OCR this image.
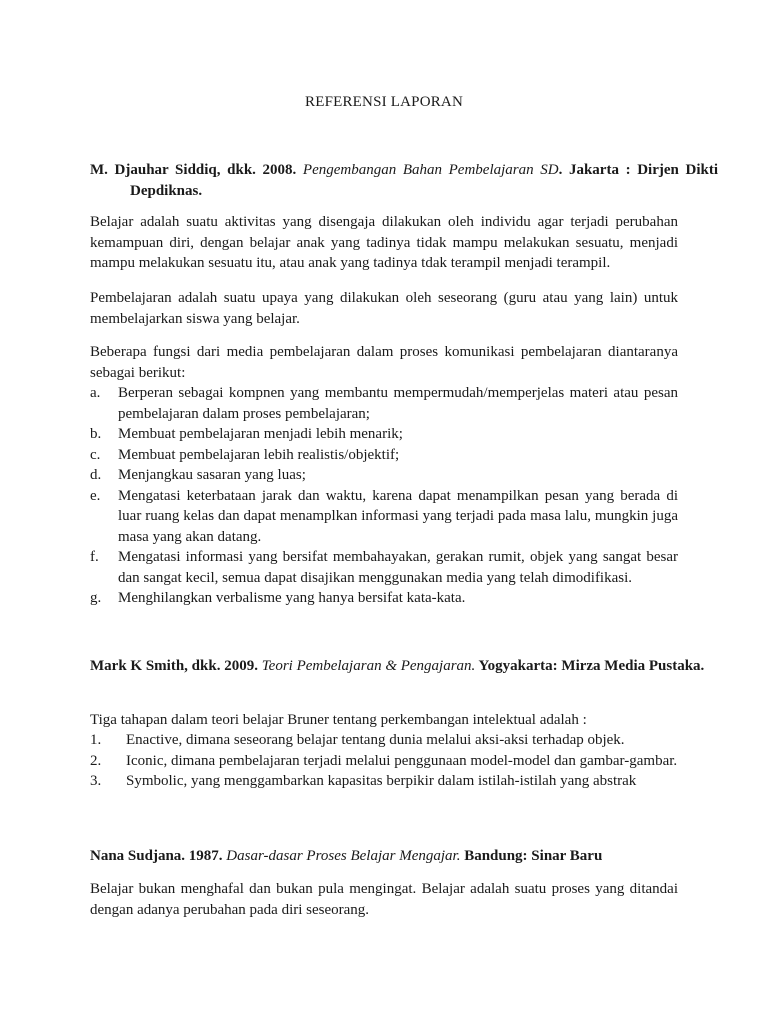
REFERENSI LAPORAN
M. Djauhar Siddiq, dkk. 2008. Pengembangan Bahan Pembelajaran SD. Jakarta : Dirjen Dikti Depdiknas.

Belajar adalah suatu aktivitas yang disengaja dilakukan oleh individu agar terjadi perubahan kemampuan diri, dengan belajar anak yang tadinya tidak mampu melakukan sesuatu, menjadi mampu melakukan sesuatu itu, atau anak yang tadinya tdak terampil menjadi terampil.

Pembelajaran adalah suatu upaya yang dilakukan oleh seseorang (guru atau yang lain) untuk membelajarkan siswa yang belajar.

Beberapa fungsi dari media pembelajaran dalam proses komunikasi pembelajaran diantaranya sebagai berikut:

a. Berperan sebagai kompnen yang membantu mempermudah/memperjelas materi atau pesan pembelajaran dalam proses pembelajaran;
b. Membuat pembelajaran menjadi lebih menarik;
c. Membuat pembelajaran lebih realistis/objektif;
d. Menjangkau sasaran yang luas;
e. Mengatasi keterbataan jarak dan waktu, karena dapat menampilkan pesan yang berada di luar ruang kelas dan dapat menamplkan informasi yang terjadi pada masa lalu, mungkin juga masa yang akan datang.
f. Mengatasi informasi yang bersifat membahayakan, gerakan rumit, objek yang sangat besar dan sangat kecil, semua dapat disajikan menggunakan media yang telah dimodifikasi.
g. Menghilangkan verbalisme yang hanya bersifat kata-kata.
Mark K Smith, dkk. 2009. Teori Pembelajaran & Pengajaran. Yogyakarta: Mirza Media Pustaka.

Tiga tahapan dalam teori belajar Bruner tentang perkembangan intelektual adalah :

1. Enactive, dimana seseorang belajar tentang dunia melalui aksi-aksi terhadap objek.
2. Iconic, dimana pembelajaran terjadi melalui penggunaan model-model dan gambar-gambar.
3. Symbolic, yang menggambarkan kapasitas berpikir dalam istilah-istilah yang abstrak
Nana Sudjana. 1987. Dasar-dasar Proses Belajar Mengajar. Bandung: Sinar Baru

Belajar bukan menghafal dan bukan pula mengingat. Belajar adalah suatu proses yang ditandai dengan adanya perubahan pada diri seseorang.
